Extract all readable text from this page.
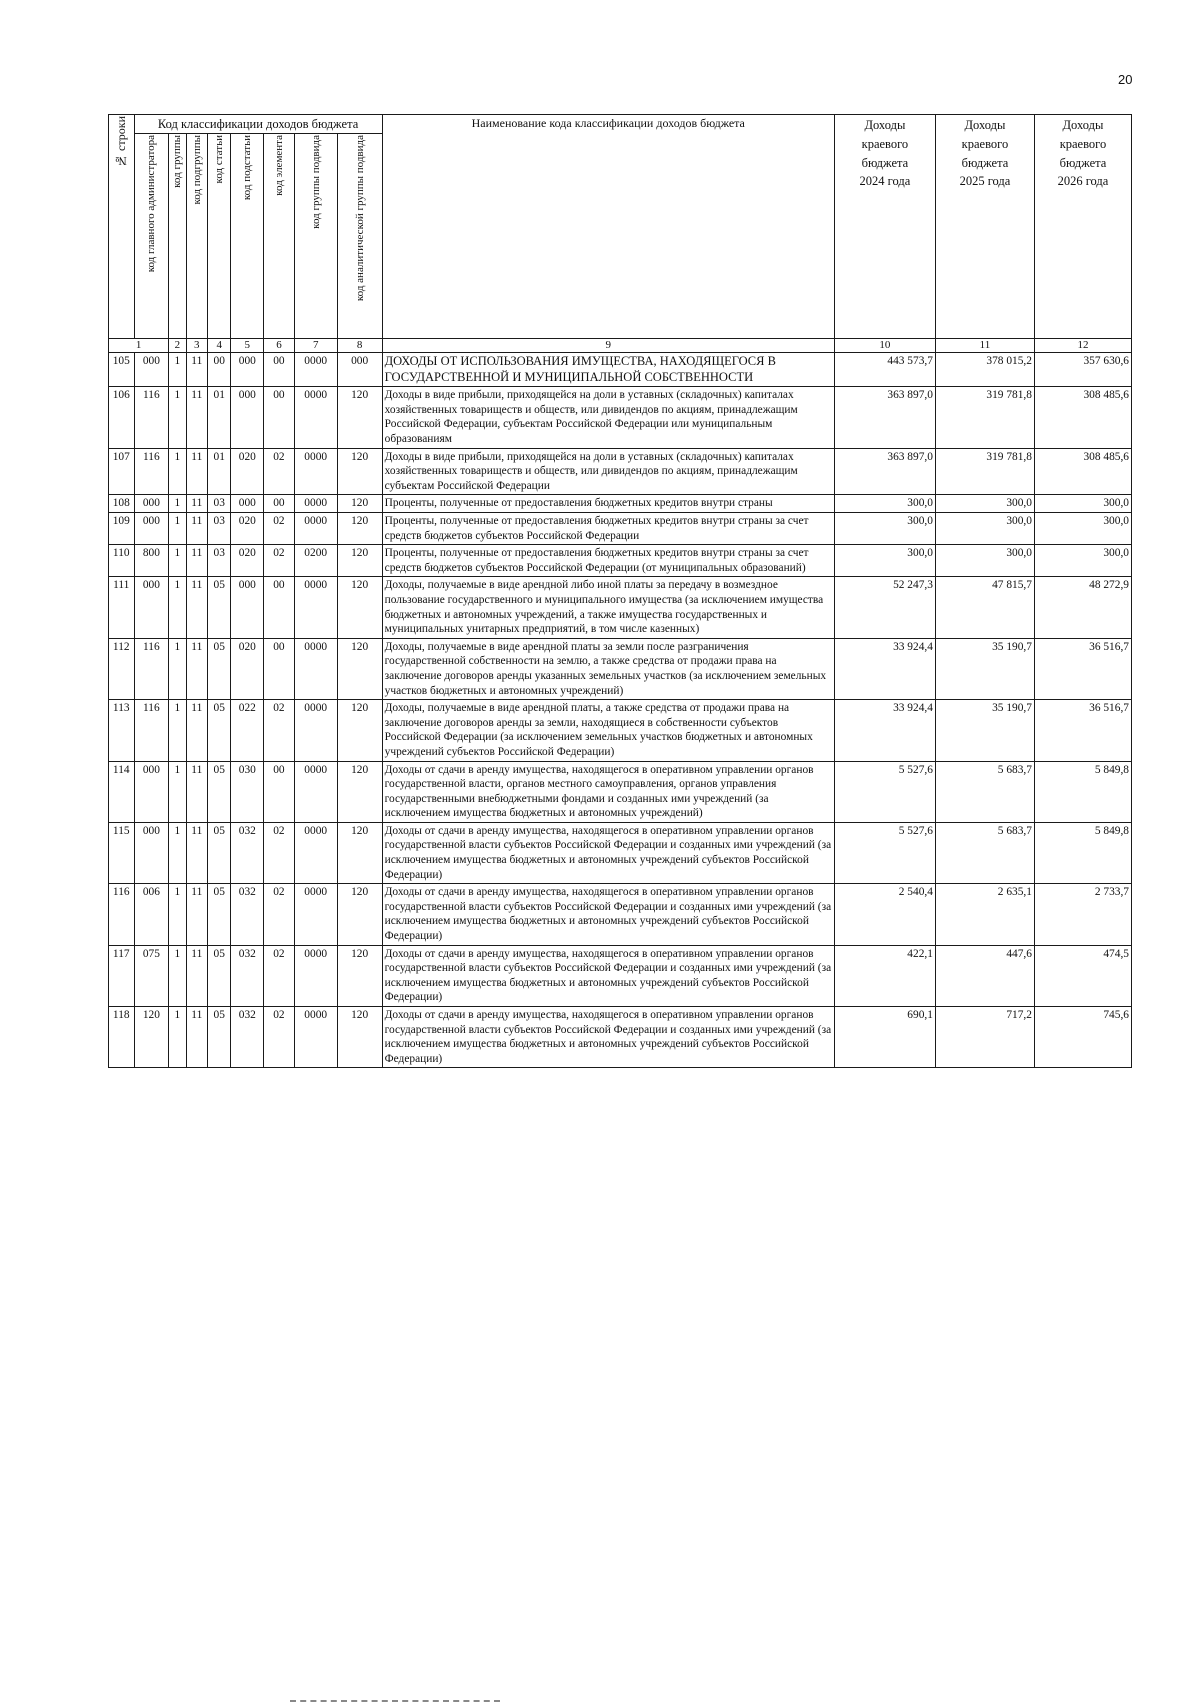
20
№ строки	Код классификации доходов бюджета								Наименование кода классификации доходов бюджета	Доходы
краевого
бюджета
2024 года	Доходы
краевого
бюджета
2025 года	Доходы
краевого
бюджета
2026 года

	код главного администратора	код группы	код подгруппы	код статьи	код подстатьи	код элемента	код группы подвида	код аналитической группы подвида				

1		2	3	4	5	6	7	8	9	10	11	12
105	000	1	11	00	000	00	0000	000	ДОХОДЫ ОТ ИСПОЛЬЗОВАНИЯ ИМУЩЕСТВА, НАХОДЯЩЕГОСЯ В ГОСУДАРСТВЕННОЙ И МУНИЦИПАЛЬНОЙ СОБСТВЕННОСТИ	443 573,7	378 015,2	357 630,6
106	116	1	11	01	000	00	0000	120	Доходы в виде прибыли, приходящейся на доли в уставных (складочных) капиталах хозяйственных товариществ и обществ, или дивидендов по акциям, принадлежащим Российской Федерации, субъектам Российской Федерации или муниципальным образованиям	363 897,0	319 781,8	308 485,6
107	116	1	11	01	020	02	0000	120	Доходы в виде прибыли, приходящейся на доли в уставных (складочных) капиталах хозяйственных товариществ и обществ, или дивидендов по акциям, принадлежащим субъектам Российской Федерации	363 897,0	319 781,8	308 485,6
108	000	1	11	03	000	00	0000	120	Проценты, полученные от предоставления бюджетных кредитов внутри страны	300,0	300,0	300,0
109	000	1	11	03	020	02	0000	120	Проценты, полученные от предоставления бюджетных кредитов внутри страны за счет средств бюджетов субъектов Российской Федерации	300,0	300,0	300,0
110	800	1	11	03	020	02	0200	120	Проценты, полученные от предоставления бюджетных кредитов внутри страны за счет средств бюджетов субъектов Российской Федерации (от муниципальных образований)	300,0	300,0	300,0
111	000	1	11	05	000	00	0000	120	Доходы, получаемые в виде арендной либо иной платы за передачу в возмездное пользование государственного и муниципального имущества (за исключением имущества бюджетных и автономных учреждений, а также имущества государственных и муниципальных унитарных предприятий, в том числе казенных)	52 247,3	47 815,7	48 272,9
112	116	1	11	05	020	00	0000	120	Доходы, получаемые в виде арендной платы за земли после разграничения государственной собственности на землю, а также средства от продажи права на заключение договоров аренды указанных земельных участков (за исключением земельных участков бюджетных и автономных учреждений)	33 924,4	35 190,7	36 516,7
113	116	1	11	05	022	02	0000	120	Доходы, получаемые в виде арендной платы, а также средства от продажи права на заключение договоров аренды за земли, находящиеся в собственности субъектов Российской Федерации (за исключением земельных участков бюджетных и автономных учреждений субъектов Российской Федерации)	33 924,4	35 190,7	36 516,7
114	000	1	11	05	030	00	0000	120	Доходы от сдачи в аренду имущества, находящегося в оперативном управлении органов государственной власти, органов местного самоуправления, органов управления государственными внебюджетными фондами и созданных ими учреждений (за исключением имущества бюджетных и автономных учреждений)	5 527,6	5 683,7	5 849,8
115	000	1	11	05	032	02	0000	120	Доходы от сдачи в аренду имущества, находящегося в оперативном управлении органов государственной власти субъектов Российской Федерации и созданных ими учреждений (за исключением имущества бюджетных и автономных учреждений субъектов Российской Федерации)	5 527,6	5 683,7	5 849,8
116	006	1	11	05	032	02	0000	120	Доходы от сдачи в аренду имущества, находящегося в оперативном управлении органов государственной власти субъектов Российской Федерации и созданных ими учреждений (за исключением имущества бюджетных и автономных учреждений субъектов Российской Федерации)	2 540,4	2 635,1	2 733,7
117	075	1	11	05	032	02	0000	120	Доходы от сдачи в аренду имущества, находящегося в оперативном управлении органов государственной власти субъектов Российской Федерации и созданных ими учреждений (за исключением имущества бюджетных и автономных учреждений субъектов Российской Федерации)	422,1	447,6	474,5
118	120	1	11	05	032	02	0000	120	Доходы от сдачи в аренду имущества, находящегося в оперативном управлении органов государственной власти субъектов Российской Федерации и созданных ими учреждений (за исключением имущества бюджетных и автономных учреждений субъектов Российской Федерации)	690,1	717,2	745,6
